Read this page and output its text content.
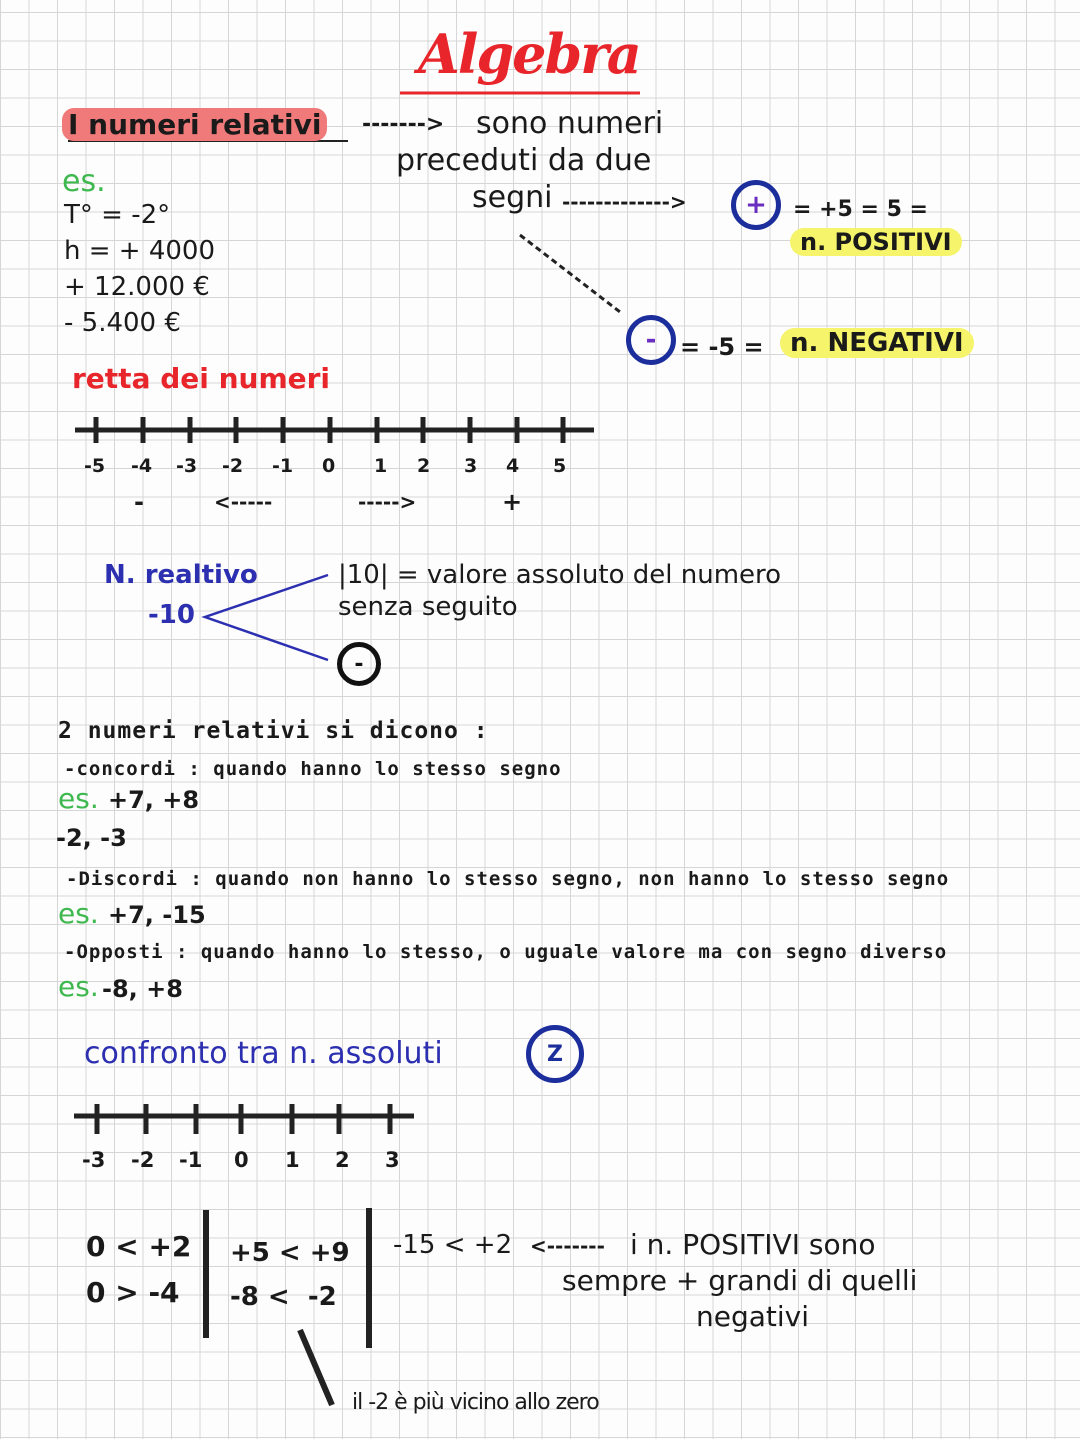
Algebra
I numeri relativi -------> sono numeri
preceduti da due
segni ------------->	+	= +5 = 5 =
n. POSITIVI
- = -5 =	n. NEGATIVI
es.
T° = -2°
h = + 4000
+ 12.000 €
- 5.400 €
retta dei numeri
-5 -4 -3 -2 -1 0 1 2 3 4 5
-	<-----	----->	+
N. realtivo
-10
|10| = valore assoluto del numero
senza seguito
-
2 numeri relativi si dicono :
-concordi : quando hanno lo stesso segno
es. +7, +8
-2, -3
-Discordi : quando non hanno lo stesso segno, non hanno lo stesso segno
es. +7, -15
-Opposti : quando hanno lo stesso, o uguale valore ma con segno diverso
es. -8, +8
confronto tra n. assoluti	Z
-3 -2 -1 0 1 2 3
0 < +2
0 > -4
+5 < +9
-8 <  -2
-15 < +2 <------- i n. POSITIVI sono
sempre + grandi di quelli
negativi
il -2 è più vicino allo zero
